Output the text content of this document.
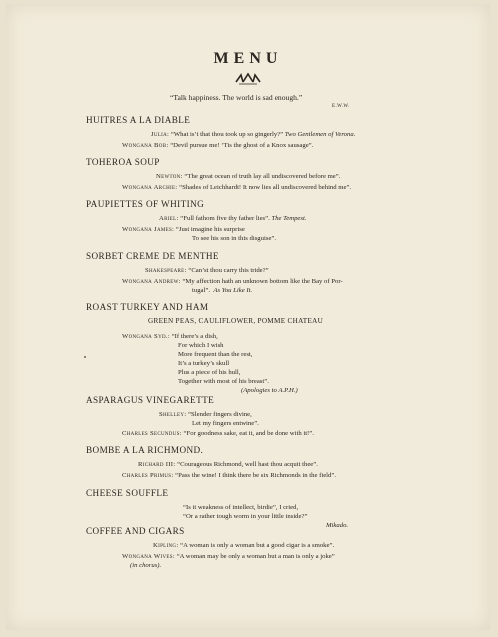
MENU
“Talk happiness. The world is sad enough.”
E.W.W.
HUITRES A LA DIABLE
Julia: “What is’t that thou took up so gingerly?” Two Gentlemen of Verona.
Wongana Bob: “Devil pursue me! ‘Tis the ghost of a Knox sausage”.
TOHEROA SOUP
Newton: “The great ocean of truth lay all undiscovered before me”.
Wongana Archie: “Shades of Leichhardt! It now lies all undiscovered behind me”.
PAUPIETTES OF WHITING
Ariel: “Full fathom five thy father lies”. The Tempest.
Wongana James: “Just imagine his surprise
To see his son in this disguise”.
SORBET CREME DE MENTHE
Shakespeare: “Can’st thou carry this tride?”
Wongana Andrew: “My affection hath an unknown bottom like the Bay of Por-
tugal”. As You Like It.
ROAST TURKEY AND HAM
GREEN PEAS, CAULIFLOWER, POMME CHATEAU
Wongana Syd.: “If there’s a dish,
For which I wish
More frequent than the rest,
It’s a turkey’s skull
Plus a piece of his hull,
Together with most of his breast”.
(Apologies to A.P.H.)
ASPARAGUS VINEGARETTE
Shelley: “Slender fingers divine,
Let my fingers entwine”.
Charles Secundus: “For goodness sake, eat it, and be done with it!”.
BOMBE A LA RICHMOND.
Richard III: “Courageous Richmond, well hast thou acquit thee”.
Charles Primus: “Pass the wine! I think there be six Richmonds in the field”.
CHEESE SOUFFLE
“Is it weakness of intellect, birdie”, I cried,
“Or a rather tough worm in your little inside?”
Mikado.
COFFEE AND CIGARS
Kipling: “A woman is only a woman but a good cigar is a smoke”.
Wongana Wives: “A woman may be only a woman but a man is only a joke”
(in chorus).
